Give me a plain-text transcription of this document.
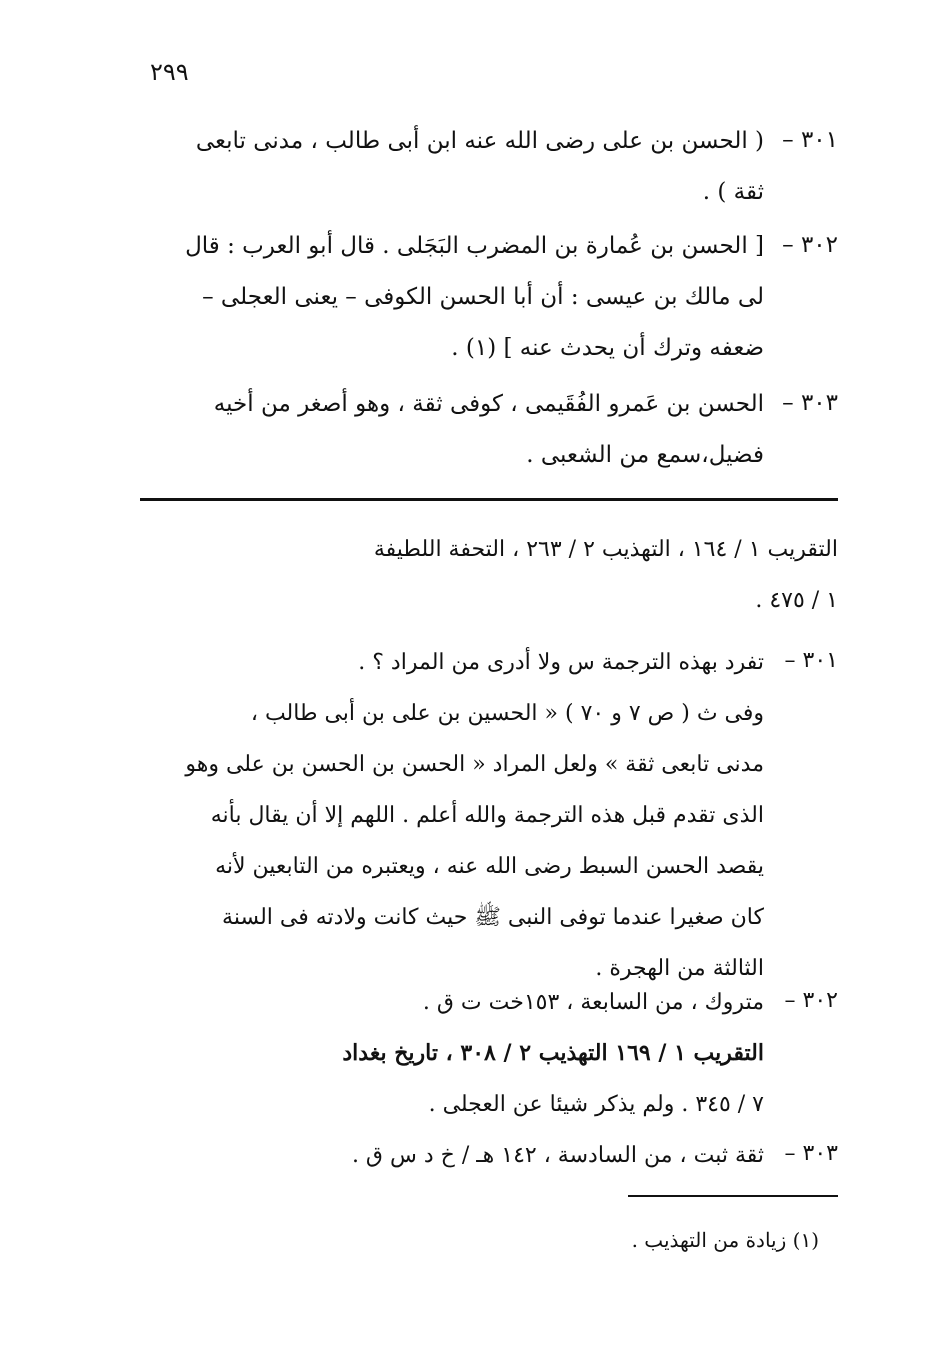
٢٩٩
٣٠١ –
( الحسن بن على رضى الله عنه ابن أبى طالب ، مدنى تابعى
ثقة ) .
٣٠٢ –
[ الحسن بن عُمارة بن المضرب البَجَلى . قال أبو العرب : قال
لى مالك بن عيسى : أن أبا الحسن الكوفى – يعنى العجلى –
ضعفه وترك أن يحدث عنه ] (١) .
٣٠٣ –
الحسن بن عَمرو الفُقَيمى ، كوفى ثقة ، وهو أصغر من أخيه
فضيل،سمع من الشعبى .
التقريب ١ / ١٦٤ ، التهذيب ٢ / ٢٦٣ ، التحفة اللطيفة
١ / ٤٧٥ .
٣٠١ –
تفرد بهذه الترجمة س ولا أدرى من المراد ؟ .
وفى ث ( ص ٧ و ٧٠ ) « الحسين بن على بن أبى طالب ،
مدنى تابعى ثقة » ولعل المراد « الحسن بن الحسن بن على وهو
الذى تقدم قبل هذه الترجمة والله أعلم . اللهم إلا أن يقال بأنه
يقصد الحسن السبط رضى الله عنه ، ويعتبره من التابعين لأنه
كان صغيرا عندما توفى النبى ﷺ حيث كانت ولادته فى السنة
الثالثة من الهجرة .
٣٠٢ –
متروك ، من السابعة ، ١٥٣خت ت ق .
التقريب ١ / ١٦٩ التهذيب ٢ / ٣٠٨ ، تاريخ بغداد
٧ / ٣٤٥ . ولم يذكر شيئا عن العجلى .
٣٠٣ –
ثقة ثبت ، من السادسة ، ١٤٢ هـ / خ د س ق .
(١) زيادة من التهذيب .
